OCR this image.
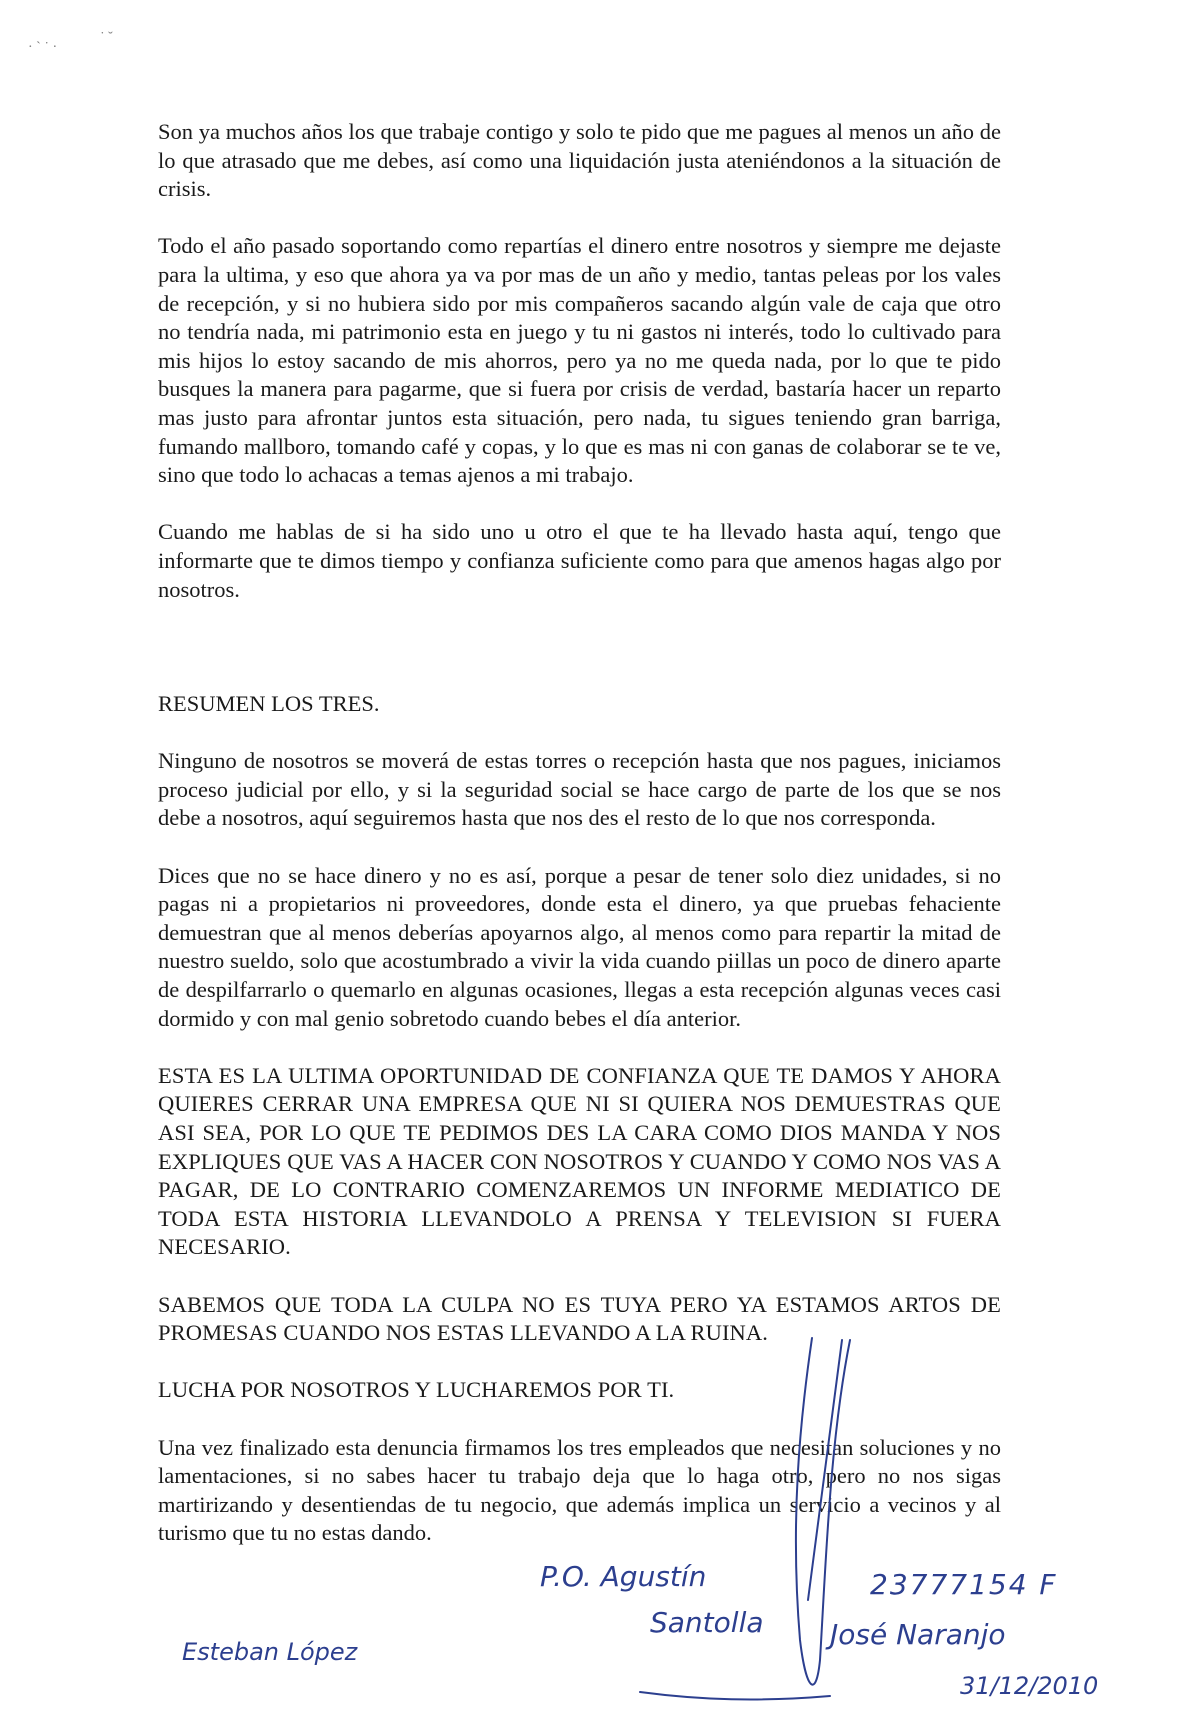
· ˋ ˙ ·
˙ ˘

Son ya muchos años los que trabaje contigo y solo te pido que me pagues al menos un año de lo que atrasado que me debes, así como una liquidación justa ateniéndonos a la situación de crisis.

Todo el año pasado soportando como repartías el dinero entre nosotros y siempre me dejaste para la ultima, y eso que ahora ya va por mas de un año y medio, tantas peleas por los vales de recepción, y si no hubiera sido por mis compañeros sacando algún vale de caja que otro no tendría nada, mi patrimonio esta en juego y tu ni gastos ni interés, todo lo cultivado para mis hijos lo estoy sacando de mis ahorros, pero ya no me queda nada, por lo que te pido busques la manera para pagarme, que si fuera por crisis de verdad, bastaría hacer un reparto mas justo para afrontar juntos esta situación, pero nada, tu sigues teniendo gran barriga, fumando mallboro, tomando café y copas, y lo que es mas ni con ganas de colaborar se te ve, sino que todo lo achacas a temas ajenos a mi trabajo.

Cuando me hablas de si ha sido uno u otro el que te ha llevado hasta aquí, tengo que informarte que te dimos tiempo y confianza suficiente como para que amenos hagas algo por nosotros.

RESUMEN LOS TRES.

Ninguno de nosotros se moverá de estas torres o recepción hasta que nos pagues, iniciamos proceso judicial por ello, y si la seguridad social se hace cargo de parte de los que se nos debe a nosotros, aquí seguiremos hasta que nos des el resto de lo que nos corresponda.

Dices que no se hace dinero y no es así, porque a pesar de tener solo diez unidades, si no pagas ni a propietarios ni proveedores, donde esta el dinero, ya que pruebas fehaciente demuestran que al menos deberías apoyarnos algo, al menos como para repartir la mitad de nuestro sueldo, solo que acostumbrado a vivir la vida cuando piillas un poco de dinero aparte de despilfarrarlo o quemarlo en algunas ocasiones, llegas a esta recepción algunas veces casi dormido y con mal genio sobretodo cuando bebes el día anterior.

ESTA ES LA ULTIMA OPORTUNIDAD DE CONFIANZA QUE TE DAMOS Y AHORA QUIERES CERRAR UNA EMPRESA QUE NI SI QUIERA NOS DEMUESTRAS QUE ASI SEA, POR LO QUE TE PEDIMOS DES LA CARA COMO DIOS MANDA Y NOS EXPLIQUES QUE VAS A HACER CON NOSOTROS Y CUANDO Y COMO NOS VAS A PAGAR, DE LO CONTRARIO COMENZAREMOS UN INFORME MEDIATICO DE TODA ESTA HISTORIA LLEVANDOLO A PRENSA Y TELEVISION SI FUERA NECESARIO.

SABEMOS QUE TODA LA CULPA NO ES TUYA PERO YA ESTAMOS ARTOS DE PROMESAS CUANDO NOS ESTAS LLEVANDO A LA RUINA.

LUCHA POR NOSOTROS Y LUCHAREMOS POR TI.

Una vez finalizado esta denuncia firmamos los tres empleados que necesitan soluciones y no lamentaciones, si no sabes hacer tu trabajo deja que lo haga otro, pero no nos sigas martirizando y desentiendas de tu negocio, que además implica un servicio a vecinos y al turismo que tu no estas dando.

P.O. Agustín
Santolla
23777154 F
José Naranjo
31/12/2010
Esteban López
